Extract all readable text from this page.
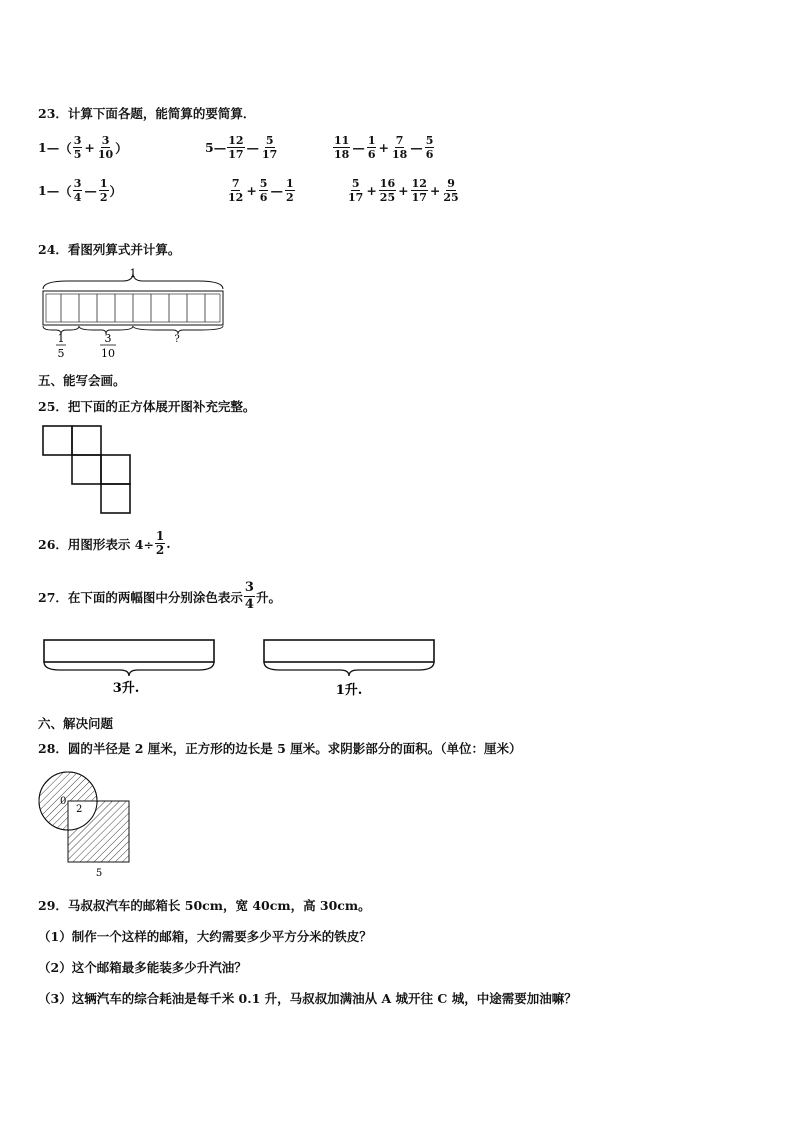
23．计算下面各题，能简算的要简算．
1— （ $\frac{3}{5} + \frac{3}{10}$ ）	5— $\frac{12}{17}$ — $\frac{5}{17}$	$\frac{11}{18}$ — $\frac{1}{6} + \frac{7}{18}$ — $\frac{5}{6}$
1— （ $\frac{3}{4}$ — $\frac{1}{2}$ ）	$\frac{7}{12} + \frac{5}{6}$ — $\frac{1}{2}$	$\frac{5}{17} + \frac{16}{25} + \frac{12}{17} + \frac{9}{25}$
24．看图列算式并计算。
1
1
5
3
10
?
五、能写会画。
25．把下面的正方体展开图补充完整。
26．用图形表示 $4\div \frac{1}{2}$ .
27．在下面的两幅图中分别涂色表示 $\frac{3}{4}$ 升。
3升.	1升.
六、解决问题
28．圆的半径是 2 厘米，正方形的边长是 5 厘米。求阴影部分的面积。（单位：厘米）
0
2
5
29．马叔叔汽车的邮箱长 50cm，宽 40cm，高 30cm。
（1）制作一个这样的邮箱，大约需要多少平方分米的铁皮？
（2）这个邮箱最多能装多少升汽油？
（3）这辆汽车的综合耗油是每千米 0.1 升，马叔叔加满油从 A 城开往 C 城，中途需要加油嘛？
